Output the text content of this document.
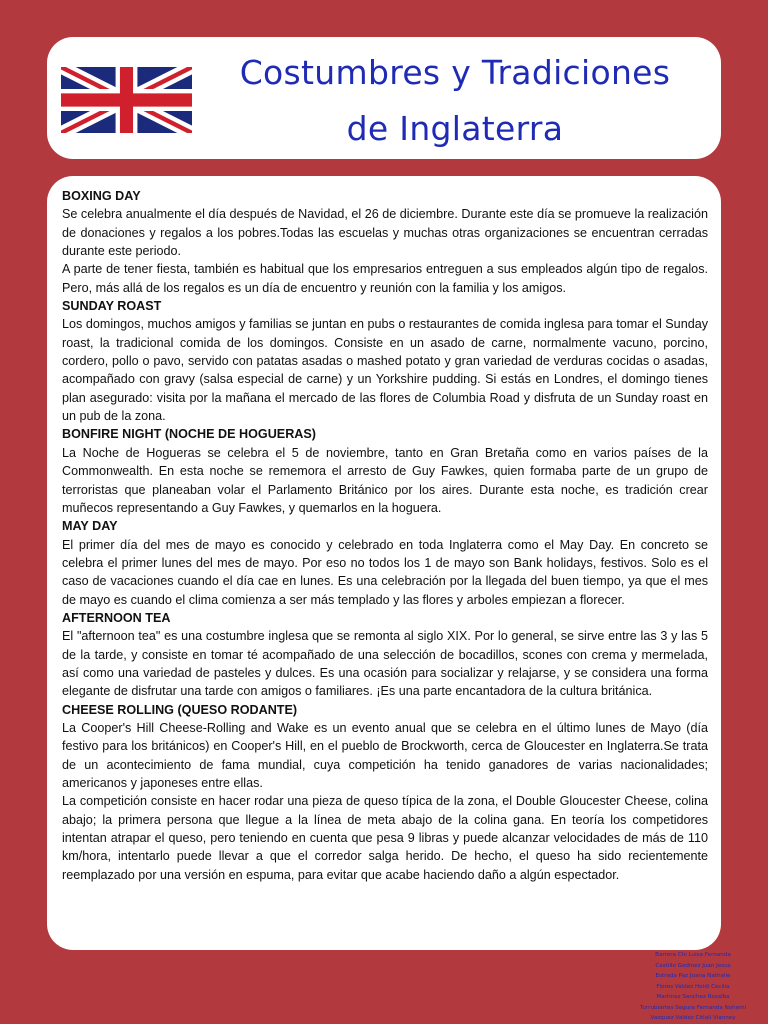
Costumbres y Tradiciones
de Inglaterra

BOXING DAY

Se celebra anualmente el día después de Navidad, el 26 de diciembre. Durante este día se promueve la realización de donaciones y regalos a los pobres.Todas las escuelas y muchas otras organizaciones se encuentran cerradas durante este periodo.

A parte de tener fiesta, también es habitual que los empresarios entreguen a sus empleados algún tipo de regalos. Pero, más allá de los regalos es un día de encuentro y reunión con la familia y los amigos.

SUNDAY ROAST

Los domingos, muchos amigos y familias se juntan en pubs o restaurantes de comida inglesa para tomar el Sunday roast, la tradicional comida de los domingos. Consiste en un asado de carne, normalmente vacuno, porcino, cordero, pollo o pavo, servido con patatas asadas o mashed potato y gran variedad de verduras cocidas o asadas, acompañado con gravy (salsa especial de carne) y un Yorkshire pudding. Si estás en Londres, el domingo tienes plan asegurado: visita por la mañana el mercado de las flores de Columbia Road y disfruta de un Sunday roast en un pub de la zona.

BONFIRE NIGHT (NOCHE DE HOGUERAS)

La Noche de Hogueras se celebra el 5 de noviembre, tanto en Gran Bretaña como en varios países de la Commonwealth. En esta noche se rememora el arresto de Guy Fawkes, quien formaba parte de un grupo de terroristas que planeaban volar el Parlamento Británico por los aires. Durante esta noche, es tradición crear muñecos representando a Guy Fawkes, y quemarlos en la hoguera.

MAY DAY

El primer día del mes de mayo es conocido y celebrado en toda Inglaterra como el May Day. En concreto se celebra el primer lunes del mes de mayo. Por eso no todos los 1 de mayo son Bank holidays, festivos. Solo es el caso de vacaciones cuando el día cae en lunes. Es una celebración por la llegada del buen tiempo, ya que el mes de mayo es cuando el clima comienza a ser más templado y las flores y arboles empiezan a florecer.

AFTERNOON TEA

El "afternoon tea" es una costumbre inglesa que se remonta al siglo XIX. Por lo general, se sirve entre las 3 y las 5 de la tarde, y consiste en tomar té acompañado de una selección de bocadillos, scones con crema y mermelada, así como una variedad de pasteles y dulces. Es una ocasión para socializar y relajarse, y se considera una forma elegante de disfrutar una tarde con amigos o familiares. ¡Es una parte encantadora de la cultura británica.

CHEESE ROLLING (QUESO RODANTE)

La Cooper's Hill Cheese-Rolling and Wake es un evento anual que se celebra en el último lunes de Mayo (día festivo para los británicos) en Cooper's Hill, en el pueblo de Brockworth, cerca de Gloucester en Inglaterra.Se trata de un acontecimiento de fama mundial, cuya competición ha tenido ganadores de varias nacionalidades; americanos y japoneses entre ellas.

La competición consiste en hacer rodar una pieza de queso típica de la zona, el Double Gloucester Cheese, colina abajo; la primera persona que llegue a la línea de meta abajo de la colina gana. En teoría los competidores intentan atrapar el queso, pero teniendo en cuenta que pesa 9 libras y puede alcanzar velocidades de más de 110 km/hora, intentarlo puede llevar a que el corredor salga herido. De hecho, el queso ha sido recientemente reemplazado por una versión en espuma, para evitar que acabe haciendo daño a algún espectador.

Barrera Chi Luisa Fernanda
Castillo Godinez Juan Jesus
Estrada Paz Joana Nathalie
Flores Valdez Heidi Cecilia
Martinez Sanchez Rosalba
Turrubiartes Segura Fernanda Nohemi
Vazquez Valdez Citlali Vianney
